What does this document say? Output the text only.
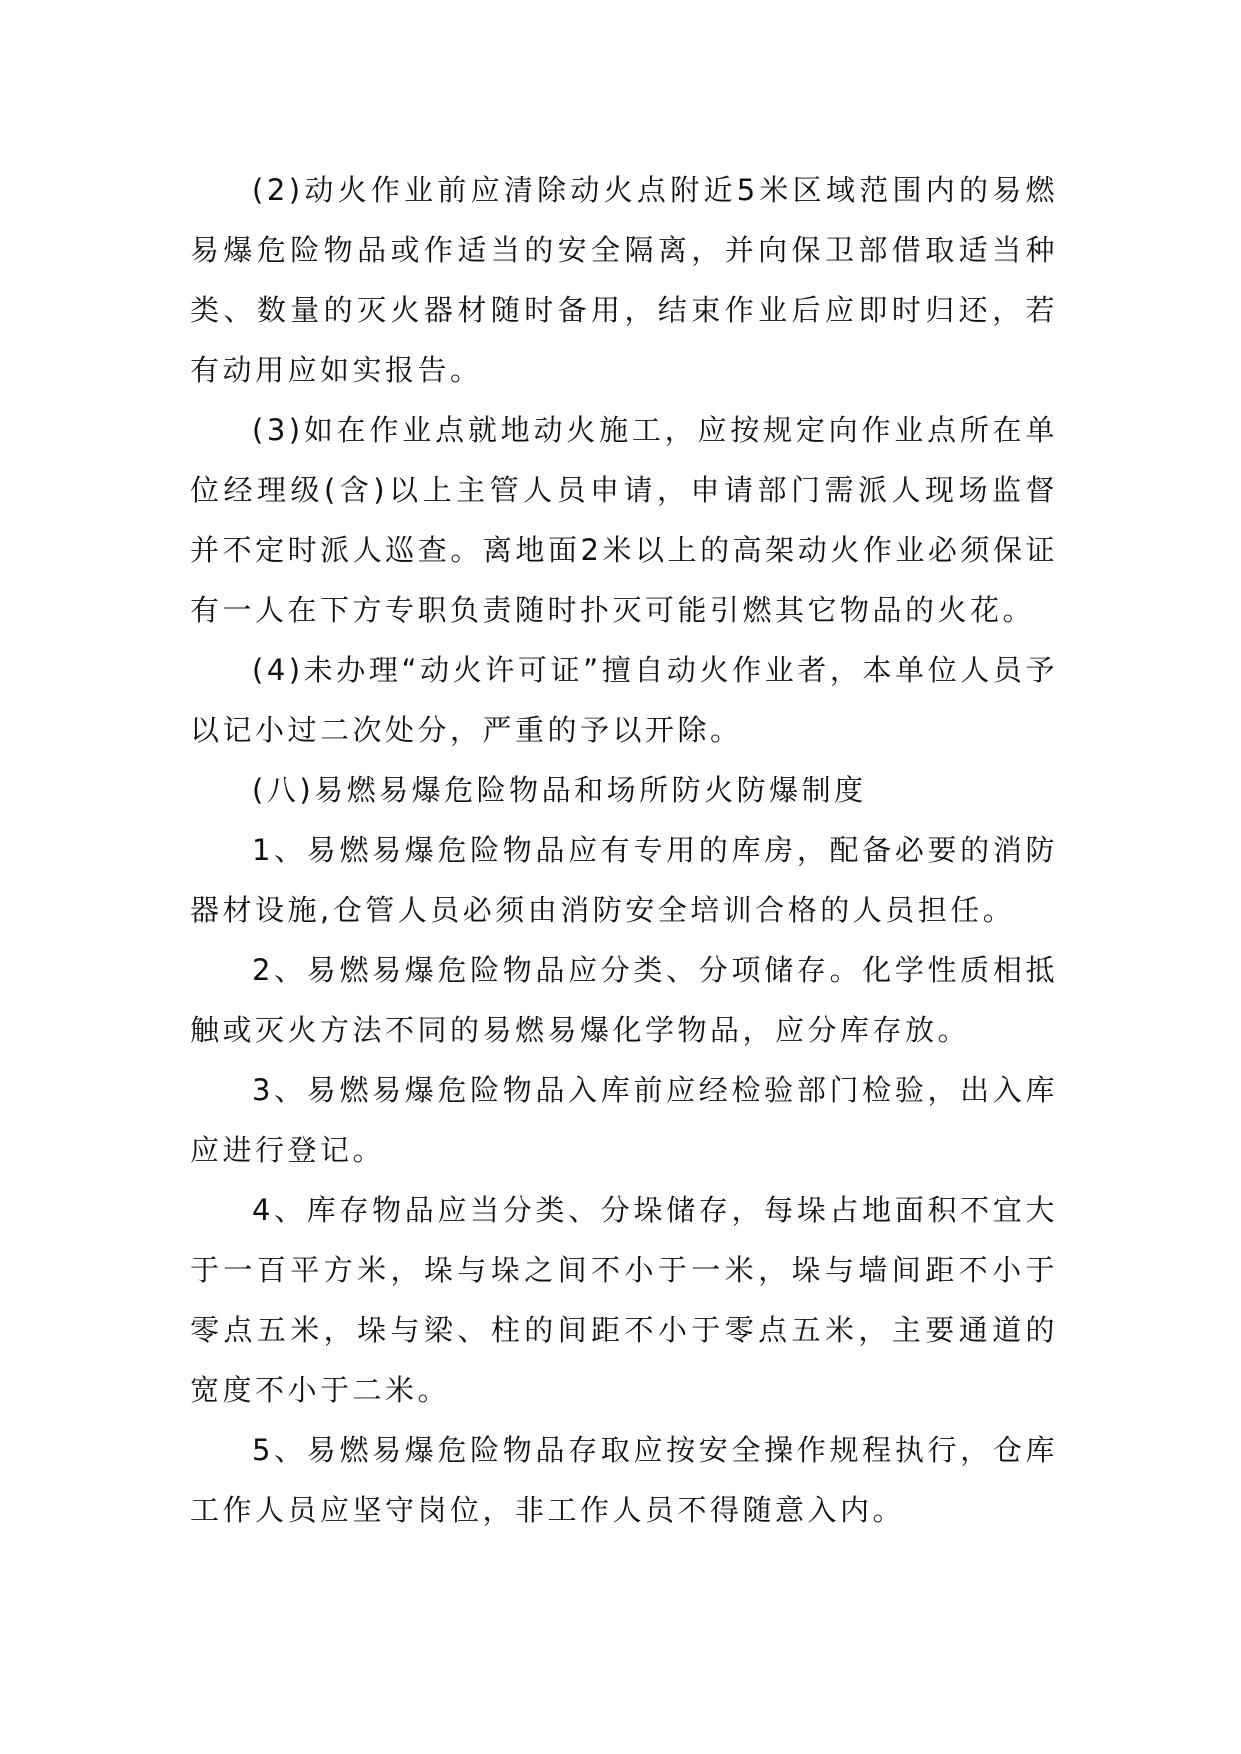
(2)动火作业前应清除动火点附近5米区域范围内的易燃易爆危险物品或作适当的安全隔离，并向保卫部借取适当种类、数量的灭火器材随时备用，结束作业后应即时归还，若有动用应如实报告。

(3)如在作业点就地动火施工，应按规定向作业点所在单位经理级(含)以上主管人员申请，申请部门需派人现场监督并不定时派人巡查。离地面2米以上的高架动火作业必须保证有一人在下方专职负责随时扑灭可能引燃其它物品的火花。

(4)未办理“动火许可证”擅自动火作业者，本单位人员予以记小过二次处分，严重的予以开除。

(八)易燃易爆危险物品和场所防火防爆制度

1、易燃易爆危险物品应有专用的库房，配备必要的消防器材设施,仓管人员必须由消防安全培训合格的人员担任。

2、易燃易爆危险物品应分类、分项储存。化学性质相抵触或灭火方法不同的易燃易爆化学物品，应分库存放。

3、易燃易爆危险物品入库前应经检验部门检验，出入库应进行登记。

4、库存物品应当分类、分垛储存，每垛占地面积不宜大于一百平方米，垛与垛之间不小于一米，垛与墙间距不小于零点五米，垛与梁、柱的间距不小于零点五米，主要通道的宽度不小于二米。

5、易燃易爆危险物品存取应按安全操作规程执行，仓库工作人员应坚守岗位，非工作人员不得随意入内。
